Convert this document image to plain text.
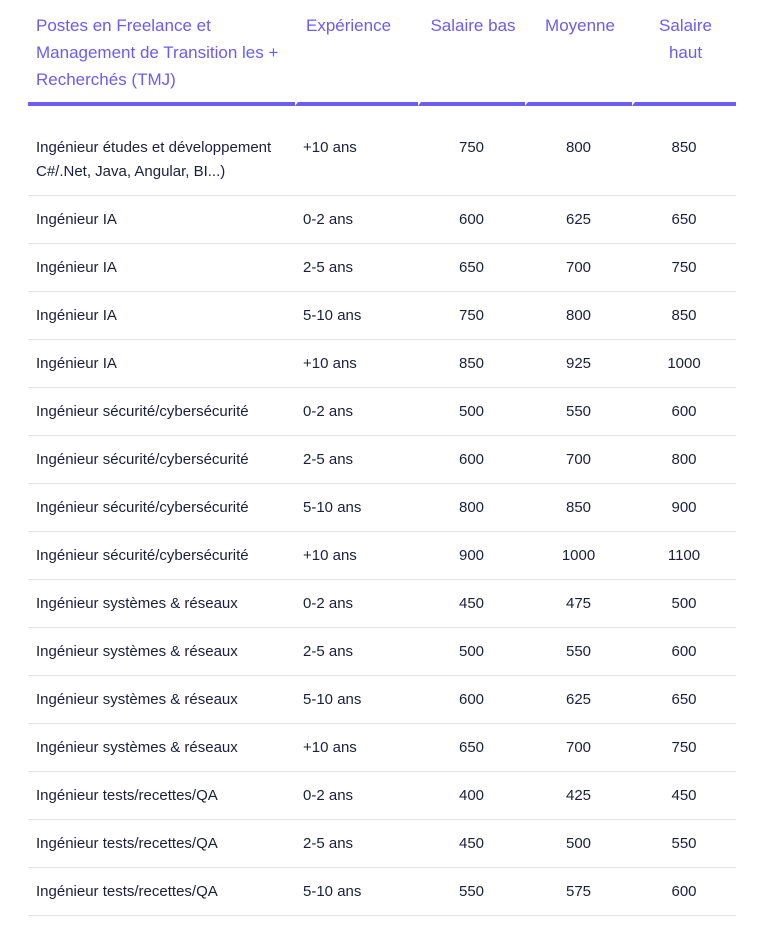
Postes en Freelance et Management de Transition les + Recherchés (TMJ)	Expérience	Salaire bas	Moyenne	Salaire haut

Ingénieur études et développement C#/.Net, Java, Angular, BI...)	+10 ans	750	800	850
Ingénieur IA	0-2 ans	600	625	650
Ingénieur IA	2-5 ans	650	700	750
Ingénieur IA	5-10 ans	750	800	850
Ingénieur IA	+10 ans	850	925	1000
Ingénieur sécurité/cybersécurité	0-2 ans	500	550	600
Ingénieur sécurité/cybersécurité	2-5 ans	600	700	800
Ingénieur sécurité/cybersécurité	5-10 ans	800	850	900
Ingénieur sécurité/cybersécurité	+10 ans	900	1000	1100
Ingénieur systèmes & réseaux	0-2 ans	450	475	500
Ingénieur systèmes & réseaux	2-5 ans	500	550	600
Ingénieur systèmes & réseaux	5-10 ans	600	625	650
Ingénieur systèmes & réseaux	+10 ans	650	700	750
Ingénieur tests/recettes/QA	0-2 ans	400	425	450
Ingénieur tests/recettes/QA	2-5 ans	450	500	550
Ingénieur tests/recettes/QA	5-10 ans	550	575	600
